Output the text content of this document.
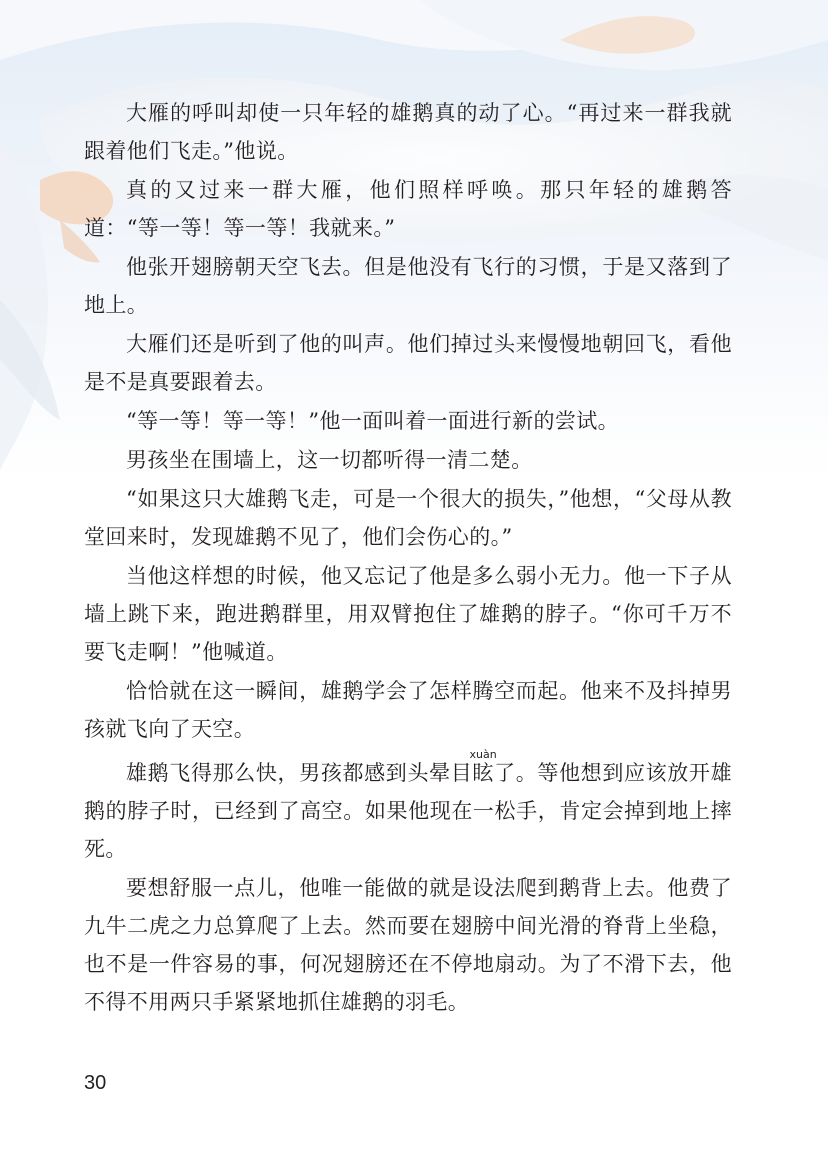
大雁的呼叫却使一只年轻的雄鹅真的动了心。“再过来一群我就跟着他们飞走。”他说。

真的又过来一群大雁，他们照样呼唤。那只年轻的雄鹅答道：“等一等！等一等！我就来。”

他张开翅膀朝天空飞去。但是他没有飞行的习惯，于是又落到了地上。

大雁们还是听到了他的叫声。他们掉过头来慢慢地朝回飞，看他是不是真要跟着去。

“等一等！等一等！”他一面叫着一面进行新的尝试。

男孩坐在围墙上，这一切都听得一清二楚。

“如果这只大雄鹅飞走，可是一个很大的损失，”他想，“父母从教堂回来时，发现雄鹅不见了，他们会伤心的。”

当他这样想的时候，他又忘记了他是多么弱小无力。他一下子从墙上跳下来，跑进鹅群里，用双臂抱住了雄鹅的脖子。“你可千万不要飞走啊！”他喊道。

恰恰就在这一瞬间，雄鹅学会了怎样腾空而起。他来不及抖掉男孩就飞向了天空。

雄鹅飞得那么快，男孩都感到头晕目眩xuàn了。等他想到应该放开雄鹅的脖子时，已经到了高空。如果他现在一松手，肯定会掉到地上摔死。

要想舒服一点儿，他唯一能做的就是设法爬到鹅背上去。他费了九牛二虎之力总算爬了上去。然而要在翅膀中间光滑的脊背上坐稳，也不是一件容易的事，何况翅膀还在不停地扇动。为了不滑下去，他不得不用两只手紧紧地抓住雄鹅的羽毛。

30
